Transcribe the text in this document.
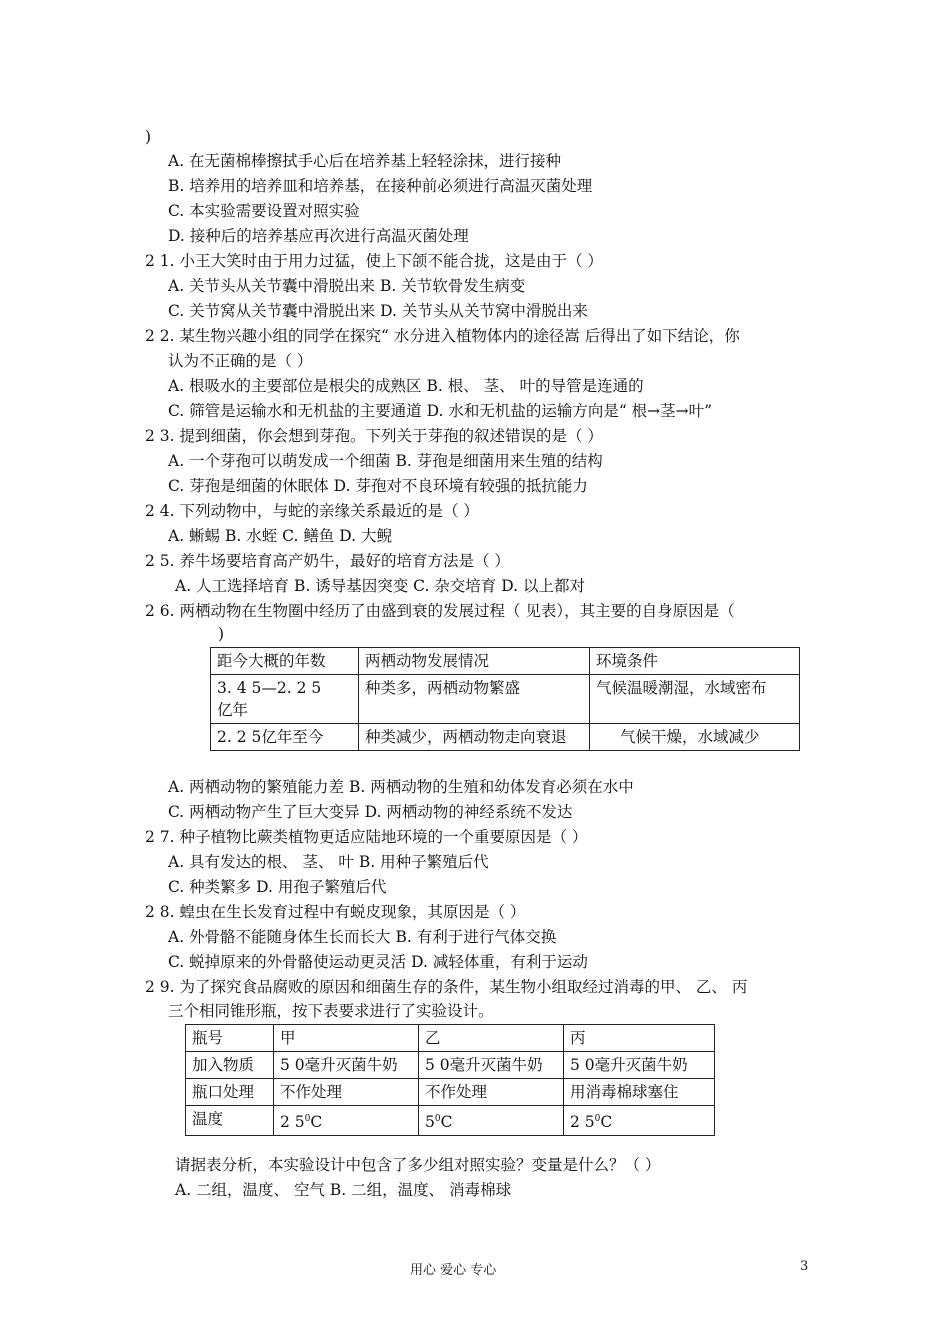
)
A. 在无菌棉棒擦拭手心后在培养基上轻轻涂抹，进行接种
B. 培养用的培养皿和培养基，在接种前必须进行高温灭菌处理
C. 本实验需要设置对照实验
D. 接种后的培养基应再次进行高温灭菌处理
2 1. 小王大笑时由于用力过猛，使上下颌不能合拢，这是由于（ ）
A. 关节头从关节囊中滑脱出来 B. 关节软骨发生病变
C. 关节窝从关节囊中滑脱出来 D. 关节头从关节窝中滑脱出来
2 2. 某生物兴趣小组的同学在探究“ 水分进入植物体内的途径嵩 后得出了如下结论，你
认为不正确的是（ ）
A. 根吸水的主要部位是根尖的成熟区 B. 根、 茎、 叶的导管是连通的
C. 筛管是运输水和无机盐的主要通道 D. 水和无机盐的运输方向是“ 根→茎→叶”
2 3. 提到细菌，你会想到芽孢。下列关于芽孢的叙述错误的是（ ）
A. 一个芽孢可以萌发成一个细菌 B. 芽孢是细菌用来生殖的结构
C. 芽孢是细菌的休眠体 D. 芽孢对不良环境有较强的抵抗能力
2 4. 下列动物中，与蛇的亲缘关系最近的是（ ）
A. 蜥蜴 B. 水蛭 C. 鳝鱼 D. 大鲵
2 5. 养牛场要培育高产奶牛，最好的培育方法是（ ）
A. 人工选择培育 B. 诱导基因突变 C. 杂交培育 D. 以上都对
2 6. 两栖动物在生物圈中经历了由盛到衰的发展过程（ 见表），其主要的自身原因是（
)
距今大概的年数	两栖动物发展情况	环境条件
3. 4 5—2. 2 5
亿年	种类多，两栖动物繁盛	气候温暖潮湿，水域密布
2. 2 5亿年至今	种类减少，两栖动物走向衰退	气候干燥，水域减少
A. 两栖动物的繁殖能力差 B. 两栖动物的生殖和幼体发育必须在水中
C. 两栖动物产生了巨大变异 D. 两栖动物的神经系统不发达
2 7. 种子植物比蕨类植物更适应陆地环境的一个重要原因是（ ）
A. 具有发达的根、 茎、 叶 B. 用种子繁殖后代
C. 种类繁多 D. 用孢子繁殖后代
2 8. 蝗虫在生长发育过程中有蜕皮现象，其原因是（ ）
A. 外骨骼不能随身体生长而长大 B. 有利于进行气体交换
C. 蜕掉原来的外骨骼使运动更灵活 D. 减轻体重，有利于运动
2 9. 为了探究食品腐败的原因和细菌生存的条件，某生物小组取经过消毒的甲、 乙、 丙
三个相同锥形瓶，按下表要求进行了实验设计。
瓶号	甲	乙	丙
加入物质	5 0毫升灭菌牛奶	5 0毫升灭菌牛奶	5 0毫升灭菌牛奶
瓶口处理	不作处理	不作处理	用消毒棉球塞住
温度	2 $5^0C$	$5^0C$	2 $5^0C$
请据表分析，本实验设计中包含了多少组对照实验？变量是什么？（ ）
A. 二组，温度、 空气 B. 二组，温度、 消毒棉球
用心 爱心 专心	3
